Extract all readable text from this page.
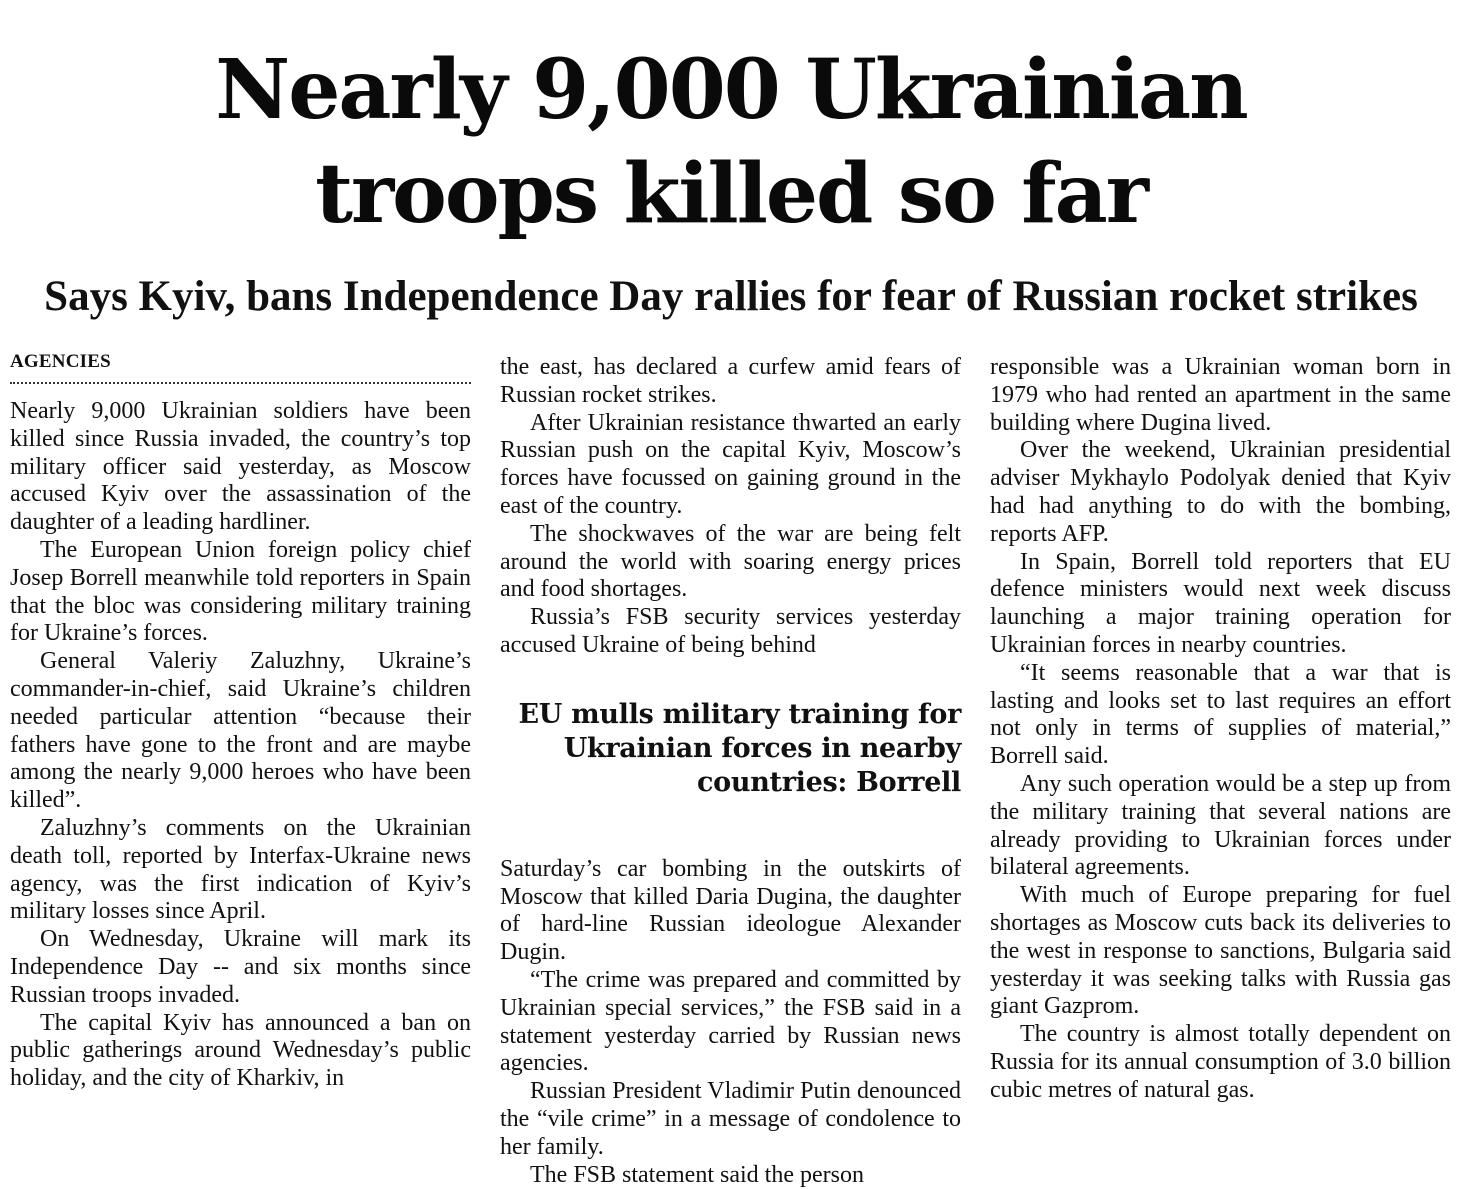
Nearly 9,000 Ukrainian
troops killed so far
Says Kyiv, bans Independence Day rallies for fear of Russian rocket strikes
AGENCIES

Nearly 9,000 Ukrainian soldiers have been killed since Russia invaded, the country’s top military officer said yesterday, as Moscow accused Kyiv over the assassination of the daughter of a leading hardliner.

The European Union foreign policy chief Josep Borrell meanwhile told reporters in Spain that the bloc was considering military training for Ukraine’s forces.

General Valeriy Zaluzhny, Ukraine’s commander-in-chief, said Ukraine’s children needed particular attention “because their fathers have gone to the front and are maybe among the nearly 9,000 heroes who have been killed”.

Zaluzhny’s comments on the Ukrainian death toll, reported by Interfax-Ukraine news agency, was the first indication of Kyiv’s military losses since April.

On Wednesday, Ukraine will mark its Independence Day -- and six months since Russian troops invaded.

The capital Kyiv has announced a ban on public gatherings around Wednesday’s public holiday, and the city of Kharkiv, in

the east, has declared a curfew amid fears of Russian rocket strikes.

After Ukrainian resistance thwarted an early Russian push on the capital Kyiv, Moscow’s forces have focussed on gaining ground in the east of the country.

The shockwaves of the war are being felt around the world with soaring energy prices and food shortages.

Russia’s FSB security services yesterday accused Ukraine of being behind

EU mulls military training for Ukrainian forces in nearby countries: Borrell

Saturday’s car bombing in the outskirts of Moscow that killed Daria Dugina, the daughter of hard-line Russian ideologue Alexander Dugin.

“The crime was prepared and committed by Ukrainian special services,” the FSB said in a statement yesterday carried by Russian news agencies.

Russian President Vladimir Putin denounced the “vile crime” in a message of condolence to her family.

The FSB statement said the person

responsible was a Ukrainian woman born in 1979 who had rented an apartment in the same building where Dugina lived.

Over the weekend, Ukrainian presidential adviser Mykhaylo Podolyak denied that Kyiv had had anything to do with the bombing, reports AFP.

In Spain, Borrell told reporters that EU defence ministers would next week discuss launching a major training operation for Ukrainian forces in nearby countries.

“It seems reasonable that a war that is lasting and looks set to last requires an effort not only in terms of supplies of material,” Borrell said.

Any such operation would be a step up from the military training that several nations are already providing to Ukrainian forces under bilateral agreements.

With much of Europe preparing for fuel shortages as Moscow cuts back its deliveries to the west in response to sanctions, Bulgaria said yesterday it was seeking talks with Russia gas giant Gazprom.

The country is almost totally dependent on Russia for its annual consumption of 3.0 billion cubic metres of natural gas.
